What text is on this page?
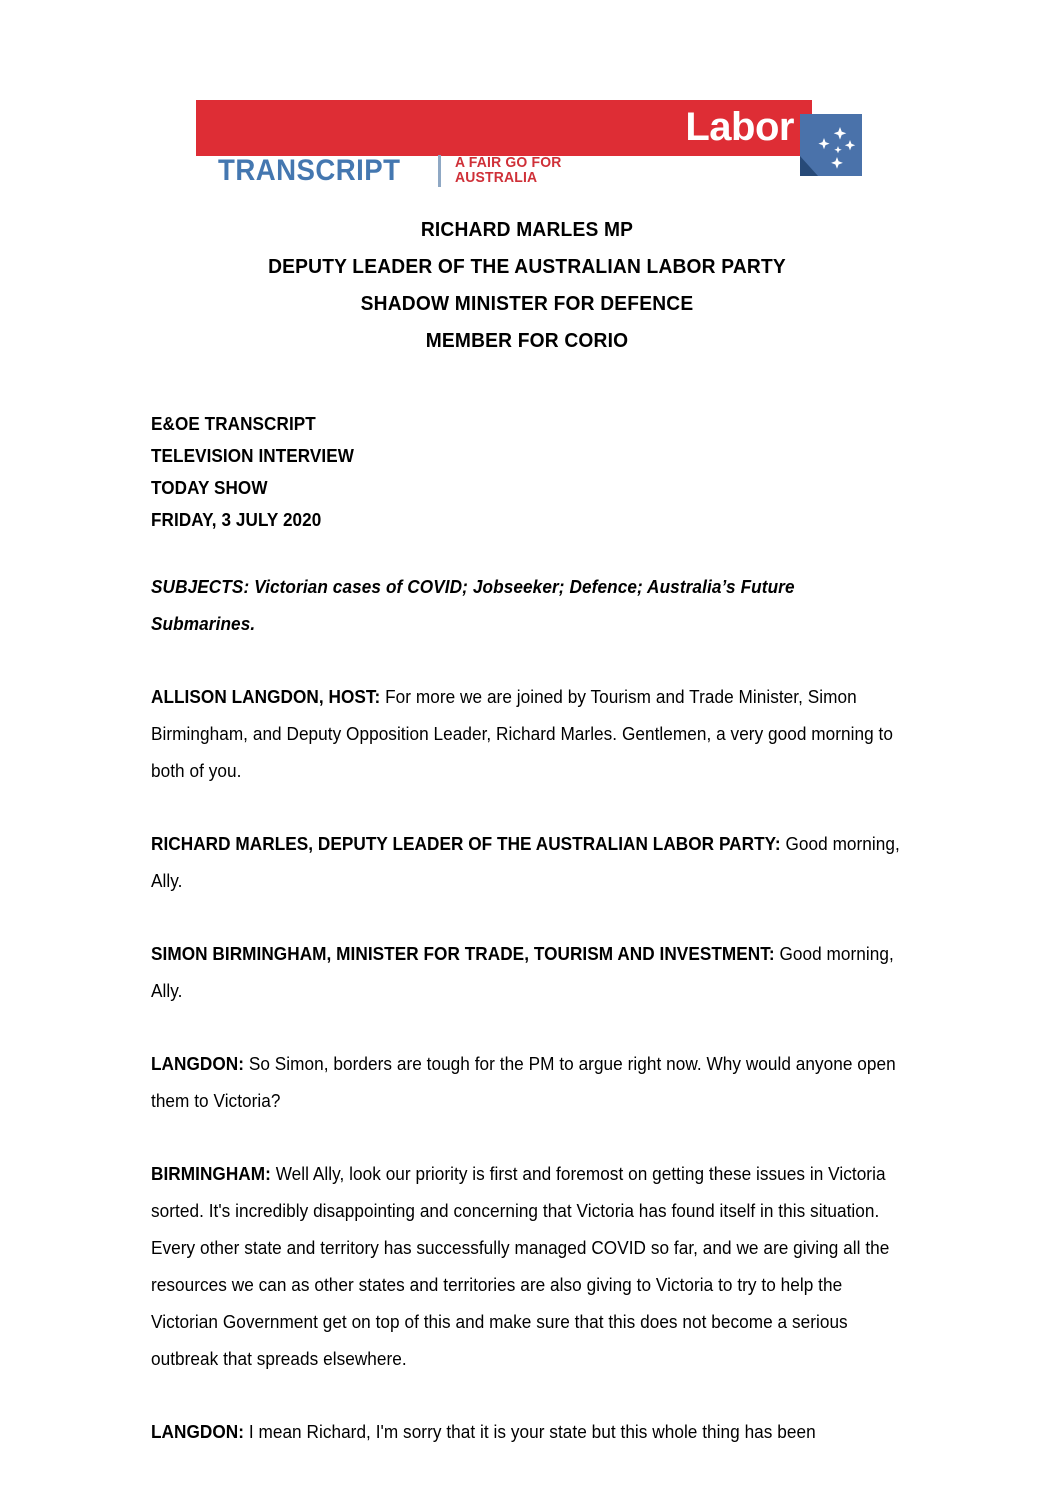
Labor
TRANSCRIPT	A FAIR GO FOR
AUSTRALIA
RICHARD MARLES MP
DEPUTY LEADER OF THE AUSTRALIAN LABOR PARTY
SHADOW MINISTER FOR DEFENCE
MEMBER FOR CORIO
E&OE TRANSCRIPT
TELEVISION INTERVIEW
TODAY SHOW
FRIDAY, 3 JULY 2020
SUBJECTS: Victorian cases of COVID; Jobseeker; Defence; Australia’s Future Submarines.

ALLISON LANGDON, HOST: For more we are joined by Tourism and Trade Minister, Simon Birmingham, and Deputy Opposition Leader, Richard Marles. Gentlemen, a very good morning to both of you.

RICHARD MARLES, DEPUTY LEADER OF THE AUSTRALIAN LABOR PARTY: Good morning, Ally.

SIMON BIRMINGHAM, MINISTER FOR TRADE, TOURISM AND INVESTMENT: Good morning, Ally.

LANGDON: So Simon, borders are tough for the PM to argue right now. Why would anyone open them to Victoria?

BIRMINGHAM: Well Ally, look our priority is first and foremost on getting these issues in Victoria sorted. It's incredibly disappointing and concerning that Victoria has found itself in this situation. Every other state and territory has successfully managed COVID so far, and we are giving all the resources we can as other states and territories are also giving to Victoria to try to help the Victorian Government get on top of this and make sure that this does not become a serious outbreak that spreads elsewhere.

LANGDON: I mean Richard, I'm sorry that it is your state but this whole thing has been
